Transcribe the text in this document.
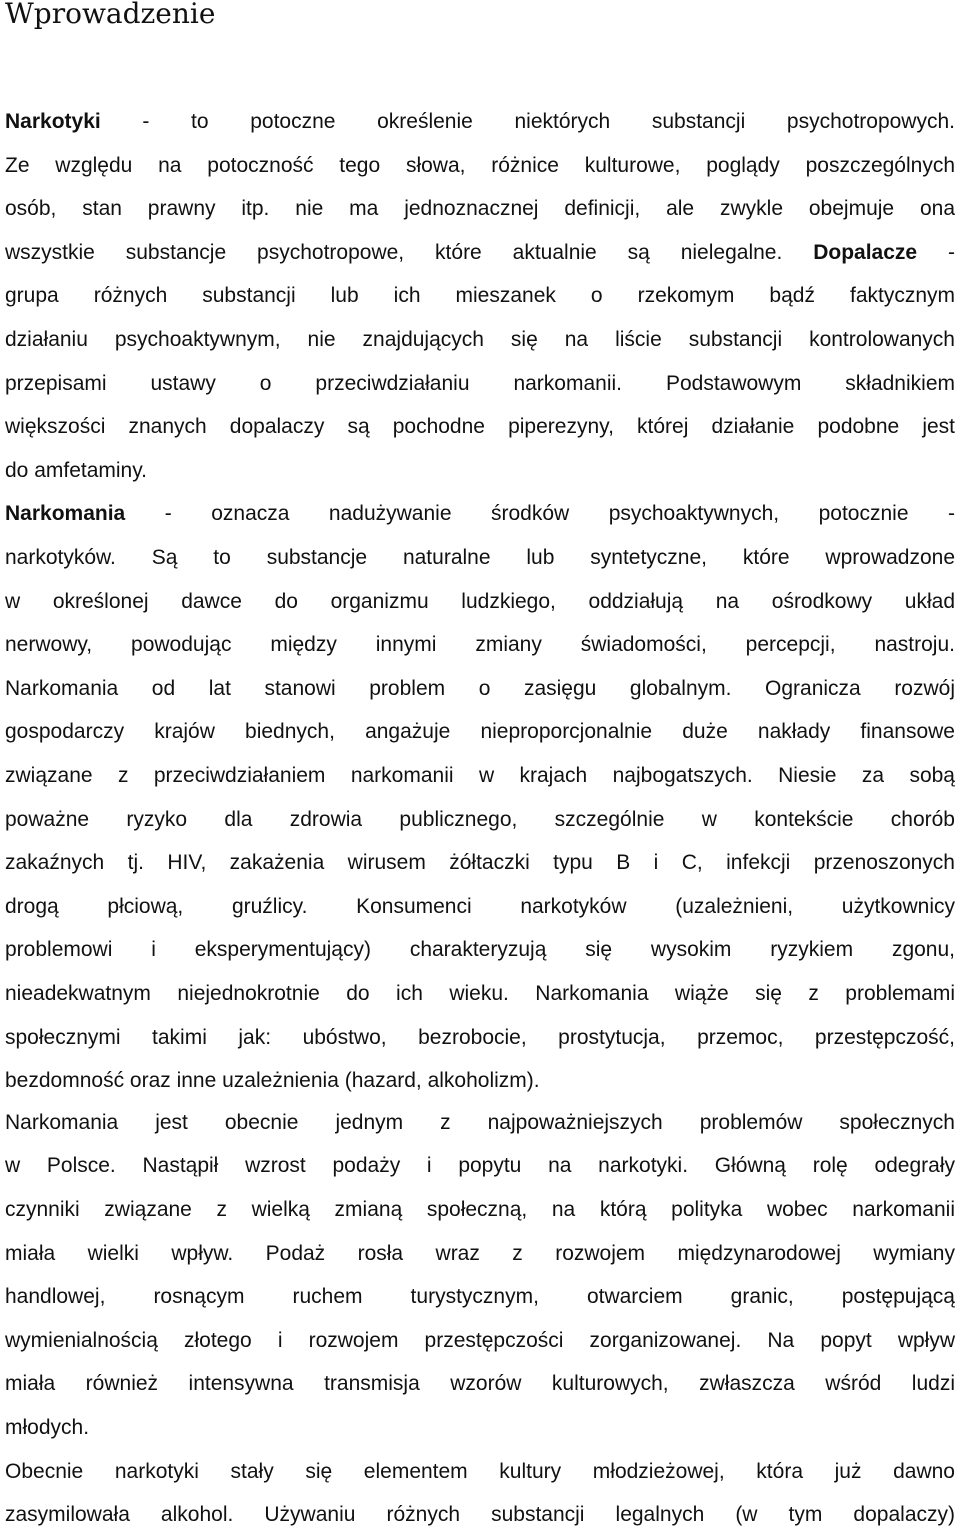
Wprowadzenie
Narkotyki - to potoczne określenie niektórych substancji psychotropowych.
Ze względu na potoczność tego słowa, różnice kulturowe, poglądy poszczególnych
osób, stan prawny itp. nie ma jednoznacznej definicji, ale zwykle obejmuje ona
wszystkie substancje psychotropowe, które aktualnie są nielegalne. Dopalacze -
grupa różnych substancji lub ich mieszanek o rzekomym bądź faktycznym
działaniu psychoaktywnym, nie znajdujących się na liście substancji kontrolowanych
przepisami ustawy o przeciwdziałaniu narkomanii. Podstawowym składnikiem
większości znanych dopalaczy są pochodne piperezyny, której działanie podobne jest
do amfetaminy.
Narkomania - oznacza nadużywanie środków psychoaktywnych, potocznie -
narkotyków. Są to substancje naturalne lub syntetyczne, które wprowadzone
w określonej dawce do organizmu ludzkiego, oddziałują na ośrodkowy układ
nerwowy, powodując między innymi zmiany świadomości, percepcji, nastroju.
Narkomania od lat stanowi problem o zasięgu globalnym. Ogranicza rozwój
gospodarczy krajów biednych, angażuje nieproporcjonalnie duże nakłady finansowe
związane z przeciwdziałaniem narkomanii w krajach najbogatszych. Niesie za sobą
poważne ryzyko dla zdrowia publicznego, szczególnie w kontekście chorób
zakaźnych tj. HIV, zakażenia wirusem żółtaczki typu B i C, infekcji przenoszonych
drogą płciową, gruźlicy. Konsumenci narkotyków (uzależnieni, użytkownicy
problemowi i eksperymentujący) charakteryzują się wysokim ryzykiem zgonu,
nieadekwatnym niejednokrotnie do ich wieku. Narkomania wiąże się z problemami
społecznymi takimi jak: ubóstwo, bezrobocie, prostytucja, przemoc, przestępczość,
bezdomność oraz inne uzależnienia (hazard, alkoholizm).
Narkomania jest obecnie jednym z najpoważniejszych problemów społecznych
w Polsce. Nastąpił wzrost podaży i popytu na narkotyki. Główną rolę odegrały
czynniki związane z wielką zmianą społeczną, na którą polityka wobec narkomanii
miała wielki wpływ. Podaż rosła wraz z rozwojem międzynarodowej wymiany
handlowej, rosnącym ruchem turystycznym, otwarciem granic, postępującą
wymienialnością złotego i rozwojem przestępczości zorganizowanej. Na popyt wpływ
miała również intensywna transmisja wzorów kulturowych, zwłaszcza wśród ludzi
młodych.
Obecnie narkotyki stały się elementem kultury młodzieżowej, która już dawno
zasymilowała alkohol. Używaniu różnych substancji legalnych (w tym dopalaczy)
